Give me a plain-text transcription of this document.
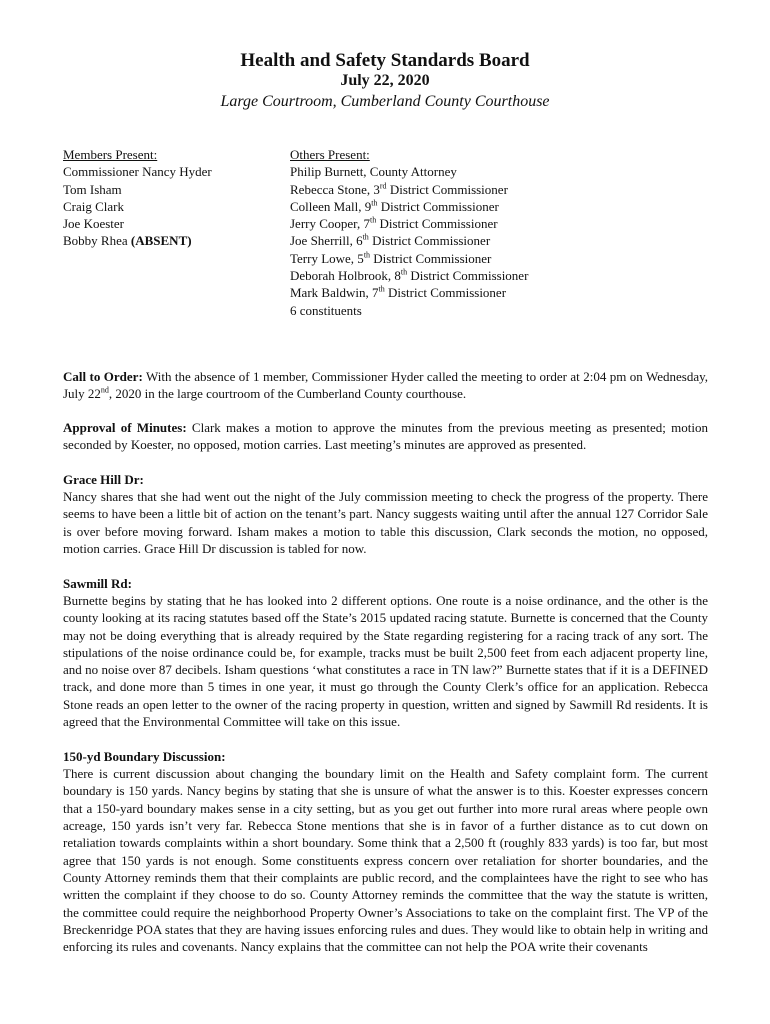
Health and Safety Standards Board
July 22, 2020
Large Courtroom, Cumberland County Courthouse
Members Present:
Commissioner Nancy Hyder
Tom Isham
Craig Clark
Joe Koester
Bobby Rhea (ABSENT)
Others Present:
Philip Burnett, County Attorney
Rebecca Stone, 3rd District Commissioner
Colleen Mall, 9th District Commissioner
Jerry Cooper, 7th District Commissioner
Joe Sherrill, 6th District Commissioner
Terry Lowe, 5th District Commissioner
Deborah Holbrook, 8th District Commissioner
Mark Baldwin, 7th District Commissioner
6 constituents

Call to Order: With the absence of 1 member, Commissioner Hyder called the meeting to order at 2:04 pm on Wednesday, July 22nd, 2020 in the large courtroom of the Cumberland County courthouse.

Approval of Minutes: Clark makes a motion to approve the minutes from the previous meeting as presented; motion seconded by Koester, no opposed, motion carries. Last meeting’s minutes are approved as presented.

Grace Hill Dr:
Nancy shares that she had went out the night of the July commission meeting to check the progress of the property. There seems to have been a little bit of action on the tenant’s part. Nancy suggests waiting until after the annual 127 Corridor Sale is over before moving forward. Isham makes a motion to table this discussion, Clark seconds the motion, no opposed, motion carries. Grace Hill Dr discussion is tabled for now.

Sawmill Rd:
Burnette begins by stating that he has looked into 2 different options. One route is a noise ordinance, and the other is the county looking at its racing statutes based off the State’s 2015 updated racing statute. Burnette is concerned that the County may not be doing everything that is already required by the State regarding registering for a racing track of any sort. The stipulations of the noise ordinance could be, for example, tracks must be built 2,500 feet from each adjacent property line, and no noise over 87 decibels. Isham questions ‘what constitutes a race in TN law?” Burnette states that if it is a DEFINED track, and done more than 5 times in one year, it must go through the County Clerk’s office for an application. Rebecca Stone reads an open letter to the owner of the racing property in question, written and signed by Sawmill Rd residents. It is agreed that the Environmental Committee will take on this issue.

150-yd Boundary Discussion:
There is current discussion about changing the boundary limit on the Health and Safety complaint form. The current boundary is 150 yards. Nancy begins by stating that she is unsure of what the answer is to this. Koester expresses concern that a 150-yard boundary makes sense in a city setting, but as you get out further into more rural areas where people own acreage, 150 yards isn’t very far. Rebecca Stone mentions that she is in favor of a further distance as to cut down on retaliation towards complaints within a short boundary. Some think that a 2,500 ft (roughly 833 yards) is too far, but most agree that 150 yards is not enough. Some constituents express concern over retaliation for shorter boundaries, and the County Attorney reminds them that their complaints are public record, and the complaintees have the right to see who has written the complaint if they choose to do so. County Attorney reminds the committee that the way the statute is written, the committee could require the neighborhood Property Owner’s Associations to take on the complaint first. The VP of the Breckenridge POA states that they are having issues enforcing rules and dues. They would like to obtain help in writing and enforcing its rules and covenants. Nancy explains that the committee can not help the POA write their covenants
